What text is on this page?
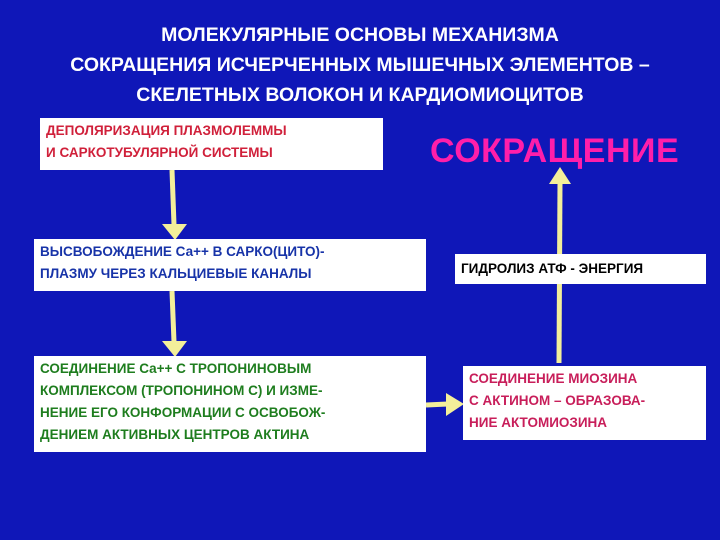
МОЛЕКУЛЯРНЫЕ ОСНОВЫ МЕХАНИЗМА
СОКРАЩЕНИЯ ИСЧЕРЧЕННЫХ МЫШЕЧНЫХ ЭЛЕМЕНТОВ –
СКЕЛЕТНЫХ ВОЛОКОН И КАРДИОМИОЦИТОВ
ДЕПОЛЯРИЗАЦИЯ ПЛАЗМОЛЕММЫ
И САРКОТУБУЛЯРНОЙ СИСТЕМЫ
ВЫСВОБОЖДЕНИЕ Са++ В САРКО(ЦИТО)-
ПЛАЗМУ ЧЕРЕЗ КАЛЬЦИЕВЫЕ КАНАЛЫ
СОЕДИНЕНИЕ Са++ С ТРОПОНИНОВЫМ
КОМПЛЕКСОМ (ТРОПОНИНОМ С) И ИЗМЕ-
НЕНИЕ ЕГО КОНФОРМАЦИИ С ОСВОБОЖ-
ДЕНИЕМ АКТИВНЫХ ЦЕНТРОВ АКТИНА
СОЕДИНЕНИЕ МИОЗИНА
С АКТИНОМ – ОБРАЗОВА-
НИЕ АКТОМИОЗИНА
ГИДРОЛИЗ АТФ - ЭНЕРГИЯ
СОКРАЩЕНИЕ
